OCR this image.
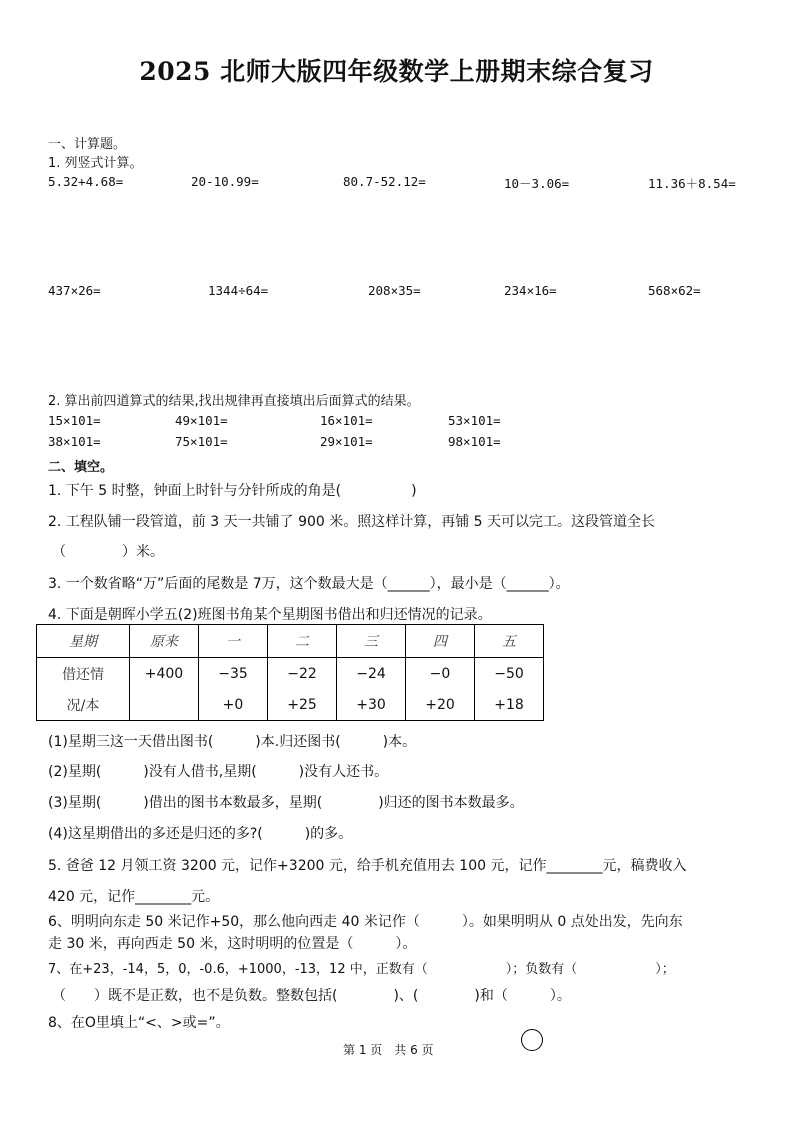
2025 北师大版四年级数学上册期末综合复习
一、计算题。
1. 列竖式计算。
5.32+4.68=	20-10.99=	80.7-52.12=	10－3.06=	11.36＋8.54=
437×26=	1344÷64=	208×35=	234×16=	568×62=
2. 算出前四道算式的结果,找出规律再直接填出后面算式的结果。
15×101=	49×101=	16×101=	53×101=
38×101=	75×101=	29×101=	98×101=
二、填空。
1. 下午 5 时整，钟面上时针与分针所成的角是(　　　　　)
2. 工程队铺一段管道，前 3 天一共铺了 900 米。照这样计算，再铺 5 天可以完工。这段管道全长
（　　　　）米。
3. 一个数省略“万”后面的尾数是 7万，这个数最大是（______），最小是（______）。
4. 下面是朝晖小学五(2)班图书角某个星期图书借出和归还情况的记录。
星期	原来	一	二	三	四	五
借还情	+400	−35	−22	−24	−0	−50
况/本		+0	+25	+30	+20	+18
(1)星期三这一天借出图书(　　　)本.归还图书(　　　)本。
(2)星期(　　　)没有人借书,星期(　　　)没有人还书。
(3)星期(　　　)借出的图书本数最多，星期(　　　　)归还的图书本数最多。
(4)这星期借出的多还是归还的多?(　　　)的多。
5. 爸爸 12 月领工资 3200 元，记作+3200 元，给手机充值用去 100 元，记作________元，稿费收入
420 元，记作________元。
6、明明向东走 50 米记作+50，那么他向西走 40 米记作（　　　）。如果明明从 0 点处出发，先向东
走 30 米，再向西走 50 米，这时明明的位置是（　　　）。
7、在+23，-14，5，0，-0.6，+1000，-13，12 中，正数有（　　　　　　）；负数有（　　　　　　）；
（　　）既不是正数，也不是负数。整数包括(　　　　)、(　　　　)和（　　　）。
8、在O里填上“<、>或=”。
第 1 页　共 6 页
